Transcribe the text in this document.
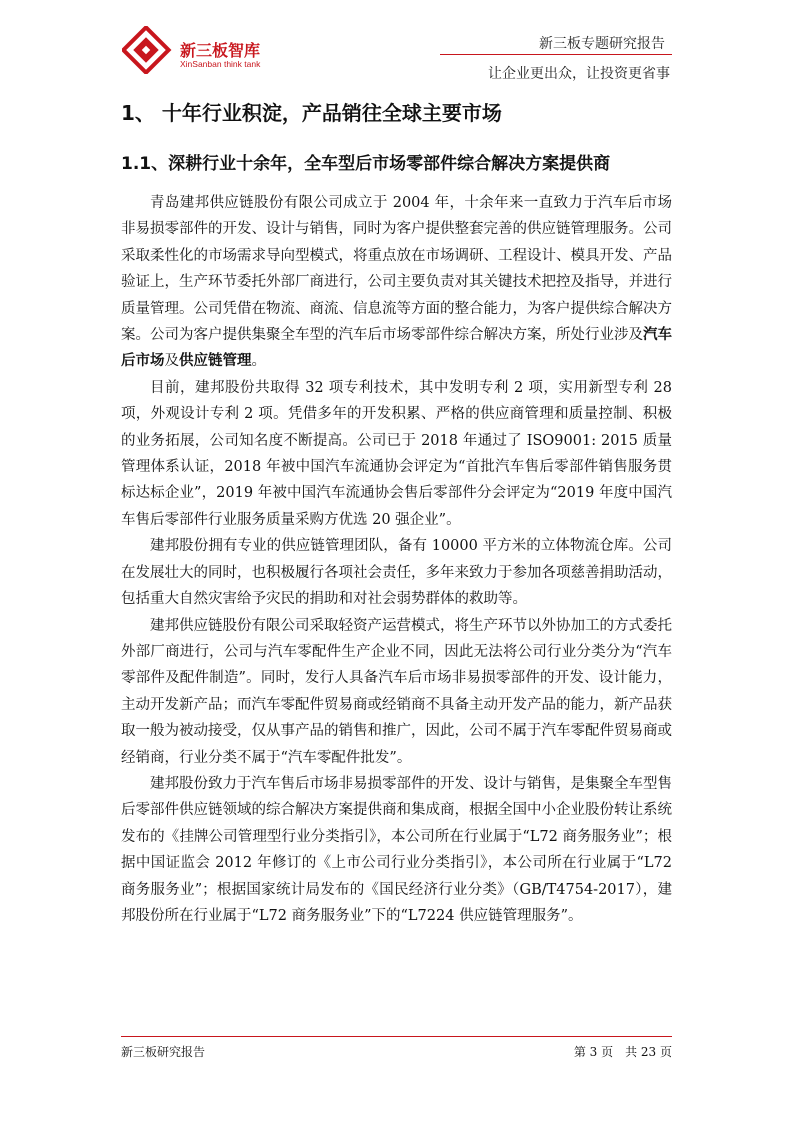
新三板智库
XinSanban think tank
新三板专题研究报告
让企业更出众，让投资更省事
1、 十年行业积淀，产品销往全球主要市场
1.1、深耕行业十余年，全车型后市场零部件综合解决方案提供商

青岛建邦供应链股份有限公司成立于 2004 年，十余年来一直致力于汽车后市场非易损零部件的开发、设计与销售，同时为客户提供整套完善的供应链管理服务。公司采取柔性化的市场需求导向型模式，将重点放在市场调研、工程设计、模具开发、产品验证上，生产环节委托外部厂商进行，公司主要负责对其关键技术把控及指导，并进行质量管理。公司凭借在物流、商流、信息流等方面的整合能力，为客户提供综合解决方案。公司为客户提供集聚全车型的汽车后市场零部件综合解决方案，所处行业涉及汽车后市场及供应链管理。

目前，建邦股份共取得 32 项专利技术，其中发明专利 2 项，实用新型专利 28 项，外观设计专利 2 项。凭借多年的开发积累、严格的供应商管理和质量控制、积极的业务拓展，公司知名度不断提高。公司已于 2018 年通过了 ISO9001: 2015 质量管理体系认证，2018 年被中国汽车流通协会评定为“首批汽车售后零部件销售服务贯标达标企业”，2019 年被中国汽车流通协会售后零部件分会评定为“2019 年度中国汽车售后零部件行业服务质量采购方优选 20 强企业”。

建邦股份拥有专业的供应链管理团队，备有 10000 平方米的立体物流仓库。公司在发展壮大的同时，也积极履行各项社会责任，多年来致力于参加各项慈善捐助活动，包括重大自然灾害给予灾民的捐助和对社会弱势群体的救助等。

建邦供应链股份有限公司采取轻资产运营模式，将生产环节以外协加工的方式委托外部厂商进行，公司与汽车零配件生产企业不同，因此无法将公司行业分类分为“汽车零部件及配件制造”。同时，发行人具备汽车后市场非易损零部件的开发、设计能力，主动开发新产品；而汽车零配件贸易商或经销商不具备主动开发产品的能力，新产品获取一般为被动接受，仅从事产品的销售和推广，因此，公司不属于汽车零配件贸易商或经销商，行业分类不属于“汽车零配件批发”。

建邦股份致力于汽车售后市场非易损零部件的开发、设计与销售，是集聚全车型售后零部件供应链领域的综合解决方案提供商和集成商，根据全国中小企业股份转让系统发布的《挂牌公司管理型行业分类指引》，本公司所在行业属于“L72 商务服务业”；根据中国证监会 2012 年修订的《上市公司行业分类指引》，本公司所在行业属于“L72 商务服务业”；根据国家统计局发布的《国民经济行业分类》（GB/T4754-2017），建邦股份所在行业属于“L72 商务服务业”下的“L7224 供应链管理服务”。

新三板研究报告	第 3 页　共 23 页
